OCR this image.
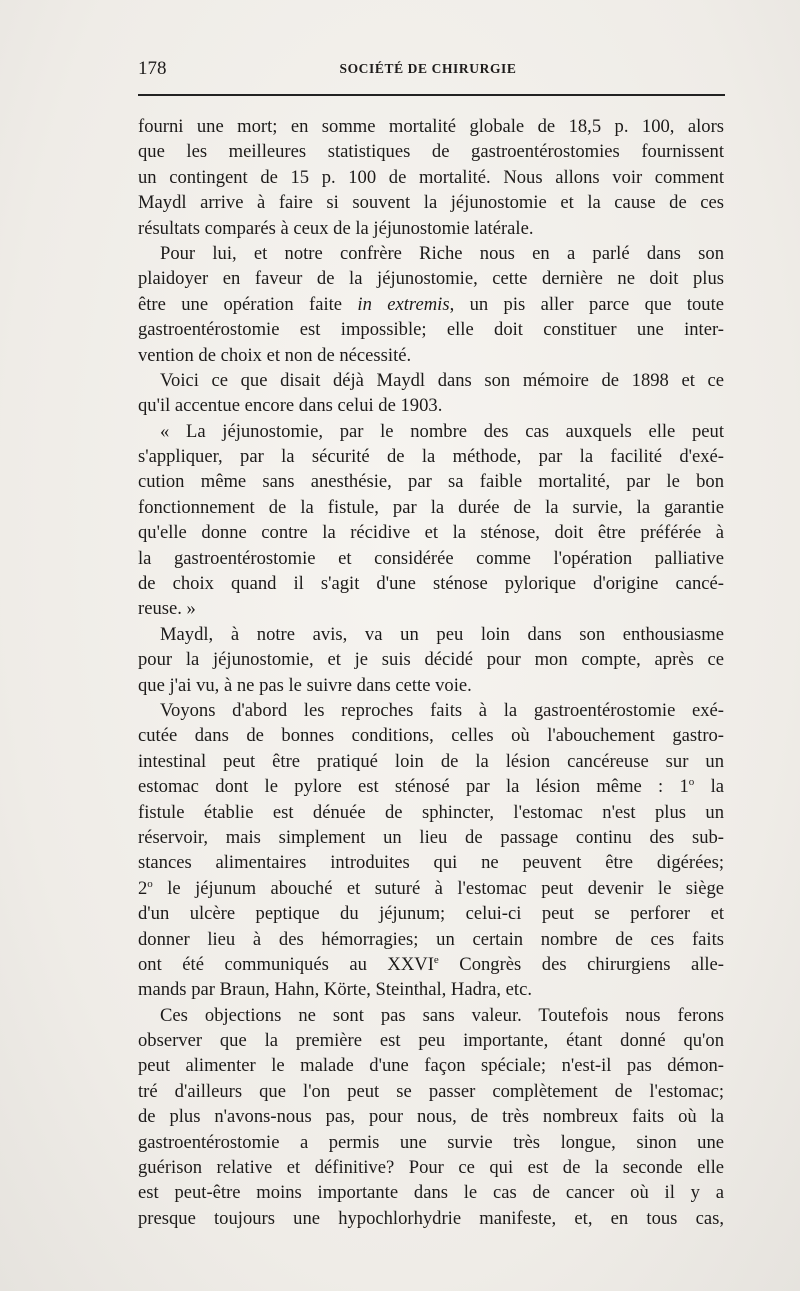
178	SOCIÉTÉ DE CHIRURGIE
fourni une mort; en somme mortalité globale de 18,5 p. 100, alors
que les meilleures statistiques de gastroentérostomies fournissent
un contingent de 15 p. 100 de mortalité. Nous allons voir comment
Maydl arrive à faire si souvent la jéjunostomie et la cause de ces
résultats comparés à ceux de la jéjunostomie latérale.
Pour lui, et notre confrère Riche nous en a parlé dans son
plaidoyer en faveur de la jéjunostomie, cette dernière ne doit plus
être une opération faite in extremis, un pis aller parce que toute
gastroentérostomie est impossible; elle doit constituer une inter-
vention de choix et non de nécessité.
Voici ce que disait déjà Maydl dans son mémoire de 1898 et ce
qu'il accentue encore dans celui de 1903.
« La jéjunostomie, par le nombre des cas auxquels elle peut
s'appliquer, par la sécurité de la méthode, par la facilité d'exé-
cution même sans anesthésie, par sa faible mortalité, par le bon
fonctionnement de la fistule, par la durée de la survie, la garantie
qu'elle donne contre la récidive et la sténose, doit être préférée à
la gastroentérostomie et considérée comme l'opération palliative
de choix quand il s'agit d'une sténose pylorique d'origine cancé-
reuse. »
Maydl, à notre avis, va un peu loin dans son enthousiasme
pour la jéjunostomie, et je suis décidé pour mon compte, après ce
que j'ai vu, à ne pas le suivre dans cette voie.
Voyons d'abord les reproches faits à la gastroentérostomie exé-
cutée dans de bonnes conditions, celles où l'abouchement gastro-
intestinal peut être pratiqué loin de la lésion cancéreuse sur un
estomac dont le pylore est sténosé par la lésion même : 1$^o$ la
fistule établie est dénuée de sphincter, l'estomac n'est plus un
réservoir, mais simplement un lieu de passage continu des sub-
stances alimentaires introduites qui ne peuvent être digérées;
2$^o$ le jéjunum abouché et suturé à l'estomac peut devenir le siège
d'un ulcère peptique du jéjunum; celui-ci peut se perforer et
donner lieu à des hémorragies; un certain nombre de ces faits
ont été communiqués au XXVIe Congrès des chirurgiens alle-
mands par Braun, Hahn, Körte, Steinthal, Hadra, etc.
Ces objections ne sont pas sans valeur. Toutefois nous ferons
observer que la première est peu importante, étant donné qu'on
peut alimenter le malade d'une façon spéciale; n'est-il pas démon-
tré d'ailleurs que l'on peut se passer complètement de l'estomac;
de plus n'avons-nous pas, pour nous, de très nombreux faits où la
gastroentérostomie a permis une survie très longue, sinon une
guérison relative et définitive? Pour ce qui est de la seconde elle
est peut-être moins importante dans le cas de cancer où il y a
presque toujours une hypochlorhydrie manifeste, et, en tous cas,
